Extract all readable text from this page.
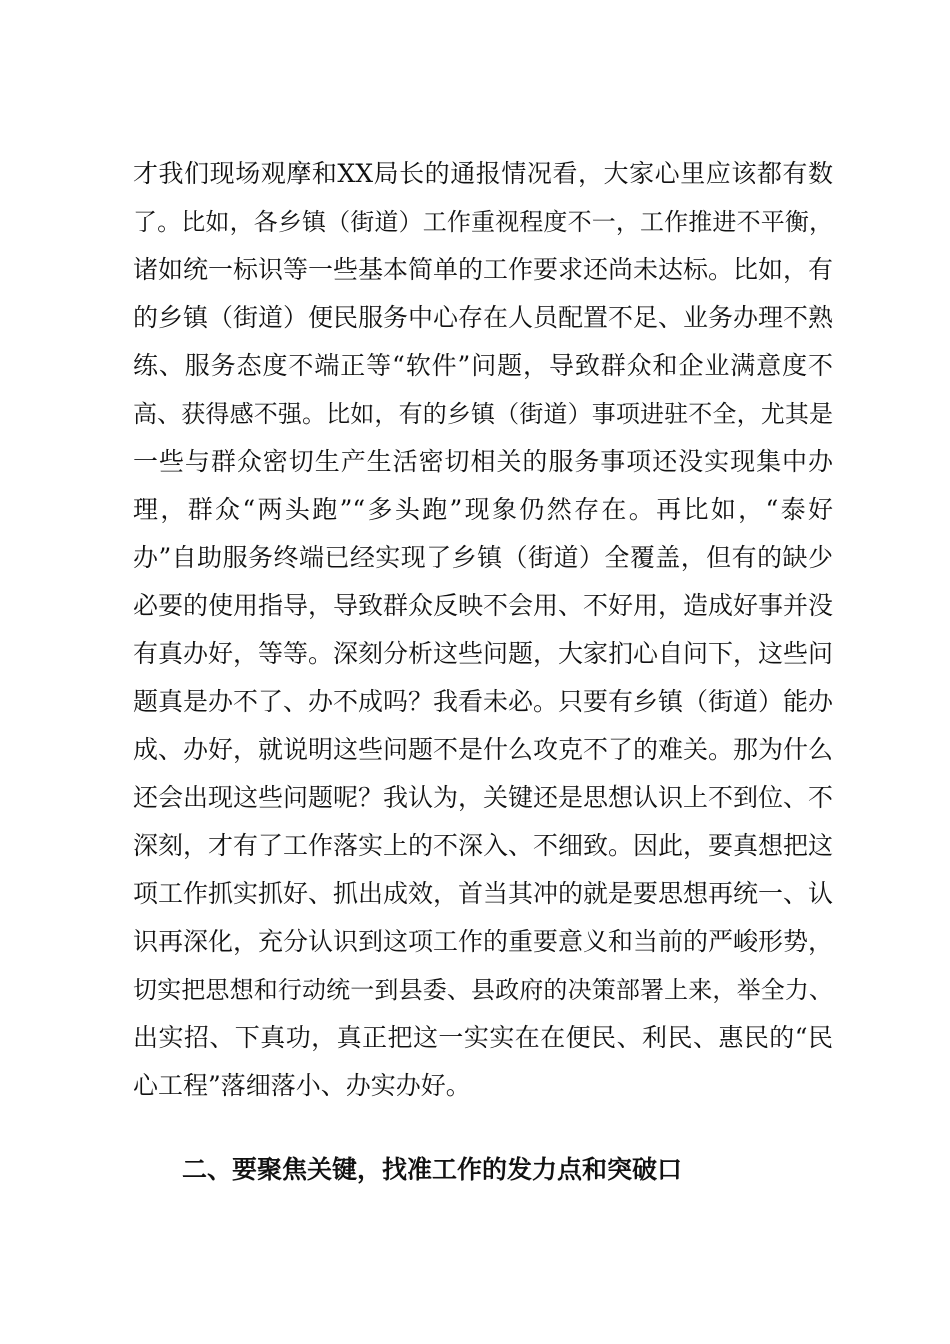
才我们现场观摩和XX局长的通报情况看，大家心里应该都有数
了。比如，各乡镇（街道）工作重视程度不一，工作推进不平衡，
诸如统一标识等一些基本简单的工作要求还尚未达标。比如，有
的乡镇（街道）便民服务中心存在人员配置不足、业务办理不熟
练、服务态度不端正等“软件”问题，导致群众和企业满意度不
高、获得感不强。比如，有的乡镇（街道）事项进驻不全，尤其是
一些与群众密切生产生活密切相关的服务事项还没实现集中办
理，群众“两头跑”“多头跑”现象仍然存在。再比如，“泰好
办”自助服务终端已经实现了乡镇（街道）全覆盖，但有的缺少
必要的使用指导，导致群众反映不会用、不好用，造成好事并没
有真办好，等等。深刻分析这些问题，大家扪心自问下，这些问
题真是办不了、办不成吗？我看未必。只要有乡镇（街道）能办
成、办好，就说明这些问题不是什么攻克不了的难关。那为什么
还会出现这些问题呢？我认为，关键还是思想认识上不到位、不
深刻，才有了工作落实上的不深入、不细致。因此，要真想把这
项工作抓实抓好、抓出成效，首当其冲的就是要思想再统一、认
识再深化，充分认识到这项工作的重要意义和当前的严峻形势，
切实把思想和行动统一到县委、县政府的决策部署上来，举全力、
出实招、下真功，真正把这一实实在在便民、利民、惠民的“民
心工程”落细落小、办实办好。
二、要聚焦关键，找准工作的发力点和突破口
